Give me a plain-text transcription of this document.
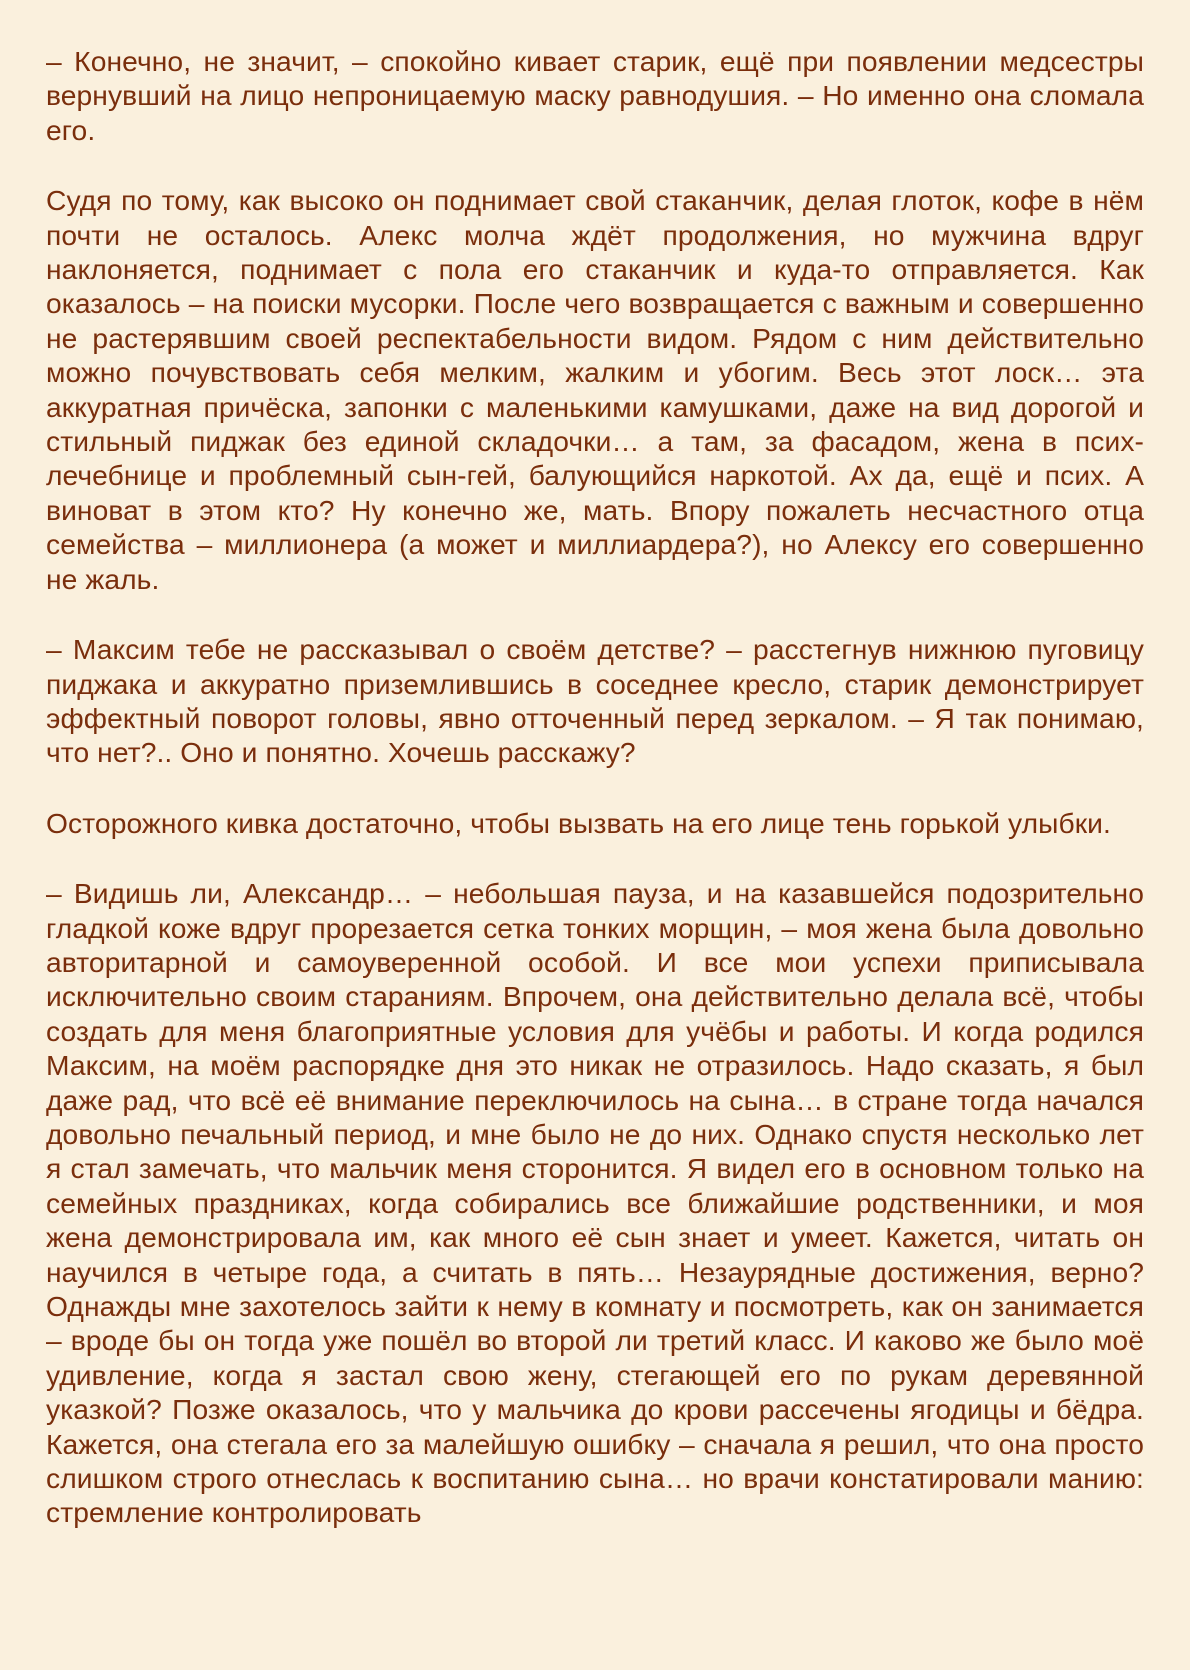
– Конечно, не значит, – спокойно кивает старик, ещё при появлении медсестры вернувший на лицо непроницаемую маску равнодушия. – Но именно она сломала его.

Судя по тому, как высоко он поднимает свой стаканчик, делая глоток, кофе в нём почти не осталось. Алекс молча ждёт продолжения, но мужчина вдруг наклоняется, поднимает с пола его стаканчик и куда-то отправляется. Как оказалось – на поиски мусорки. После чего возвращается с важным и совершенно не растерявшим своей респектабельности видом. Рядом с ним действительно можно почувствовать себя мелким, жалким и убогим. Весь этот лоск… эта аккуратная причёска, запонки с маленькими камушками, даже на вид дорогой и стильный пиджак без единой складочки… а там, за фасадом, жена в псих-лечебнице и проблемный сын-гей, балующийся наркотой. Ах да, ещё и псих. А виноват в этом кто? Ну конечно же, мать. Впору пожалеть несчастного отца семейства – миллионера (а может и миллиардера?), но Алексу его совершенно не жаль.

– Максим тебе не рассказывал о своём детстве? – расстегнув нижнюю пуговицу пиджака и аккуратно приземлившись в соседнее кресло, старик демонстрирует эффектный поворот головы, явно отточенный перед зеркалом. – Я так понимаю, что нет?.. Оно и понятно. Хочешь расскажу?

Осторожного кивка достаточно, чтобы вызвать на его лице тень горькой улыбки.

– Видишь ли, Александр… – небольшая пауза, и на казавшейся подозрительно гладкой коже вдруг прорезается сетка тонких морщин, – моя жена была довольно авторитарной и самоуверенной особой. И все мои успехи приписывала исключительно своим стараниям. Впрочем, она действительно делала всё, чтобы создать для меня благоприятные условия для учёбы и работы. И когда родился Максим, на моём распорядке дня это никак не отразилось. Надо сказать, я был даже рад, что всё её внимание переключилось на сына… в стране тогда начался довольно печальный период, и мне было не до них. Однако спустя несколько лет я стал замечать, что мальчик меня сторонится. Я видел его в основном только на семейных праздниках, когда собирались все ближайшие родственники, и моя жена демонстрировала им, как много её сын знает и умеет. Кажется, читать он научился в четыре года, а считать в пять… Незаурядные достижения, верно? Однажды мне захотелось зайти к нему в комнату и посмотреть, как он занимается – вроде бы он тогда уже пошёл во второй ли третий класс. И каково же было моё удивление, когда я застал свою жену, стегающей его по рукам деревянной указкой? Позже оказалось, что у мальчика до крови рассечены ягодицы и бёдра. Кажется, она стегала его за малейшую ошибку – сначала я решил, что она просто слишком строго отнеслась к воспитанию сына… но врачи констатировали манию: стремление контролировать
